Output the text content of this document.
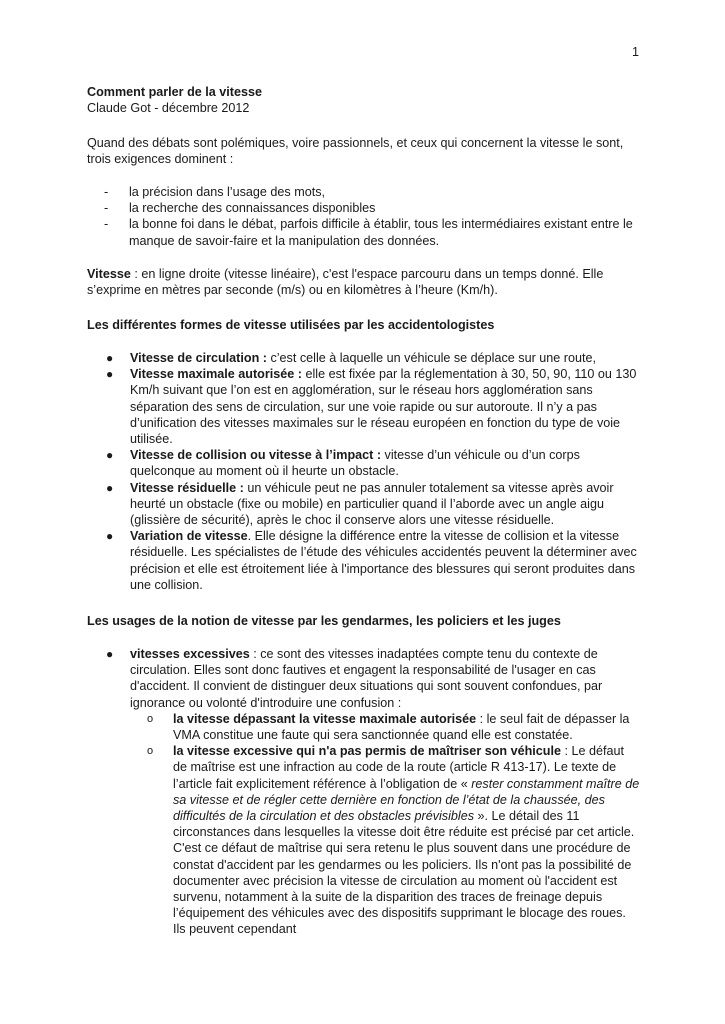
1

Comment parler de la vitesse

Claude Got - décembre 2012

Quand des débats sont polémiques, voire passionnels, et ceux qui concernent la vitesse le sont, trois exigences dominent :

- la précision dans l’usage des mots,
- la recherche des connaissances disponibles
- la bonne foi dans le débat, parfois difficile à établir, tous les intermédiaires existant entre le manque de savoir-faire et la manipulation des données.

Vitesse : en ligne droite (vitesse linéaire), c'est l'espace parcouru dans un temps donné. Elle s’exprime en mètres par seconde (m/s) ou en kilomètres à l’heure (Km/h).

Les différentes formes de vitesse utilisées par les accidentologistes

● Vitesse de circulation : c’est celle à laquelle un véhicule se déplace sur une route,
● Vitesse maximale autorisée : elle est fixée par la réglementation à 30, 50, 90, 110 ou 130 Km/h suivant que l’on est en agglomération, sur le réseau hors agglomération sans séparation des sens de circulation, sur une voie rapide ou sur autoroute. Il n’y a pas d’unification des vitesses maximales sur le réseau européen en fonction du type de voie utilisée.
● Vitesse de collision ou vitesse à l’impact : vitesse d’un véhicule ou d’un corps quelconque au moment où il heurte un obstacle.
● Vitesse résiduelle : un véhicule peut ne pas annuler totalement sa vitesse après avoir heurté un obstacle (fixe ou mobile) en particulier quand il l’aborde avec un angle aigu (glissière de sécurité), après le choc il conserve alors une vitesse résiduelle.
● Variation de vitesse. Elle désigne la différence entre la vitesse de collision et la vitesse résiduelle. Les spécialistes de l’étude des véhicules accidentés peuvent la déterminer avec précision et elle est étroitement liée à l'importance des blessures qui seront produites dans une collision.

Les usages de la notion de vitesse par les gendarmes, les policiers et les juges

● vitesses excessives : ce sont des vitesses inadaptées compte tenu du contexte de circulation. Elles sont donc fautives et engagent la responsabilité de l'usager en cas d'accident. Il convient de distinguer deux situations qui sont souvent confondues, par ignorance ou volonté d'introduire une confusion :
o la vitesse dépassant la vitesse maximale autorisée : le seul fait de dépasser la VMA constitue une faute qui sera sanctionnée quand elle est constatée.
o la vitesse excessive qui n'a pas permis de maîtriser son véhicule : Le défaut de maîtrise est une infraction au code de la route (article R 413-17). Le texte de l’article fait explicitement référence à l’obligation de « rester constamment maître de sa vitesse et de régler cette dernière en fonction de l’état de la chaussée, des difficultés de la circulation et des obstacles prévisibles ». Le détail des 11 circonstances dans lesquelles la vitesse doit être réduite est précisé par cet article. C'est ce défaut de maîtrise qui sera retenu le plus souvent dans une procédure de constat d'accident par les gendarmes ou les policiers. Ils n'ont pas la possibilité de documenter avec précision la vitesse de circulation au moment où l'accident est survenu, notamment à la suite de la disparition des traces de freinage depuis l’équipement des véhicules avec des dispositifs supprimant le blocage des roues. Ils peuvent cependant
